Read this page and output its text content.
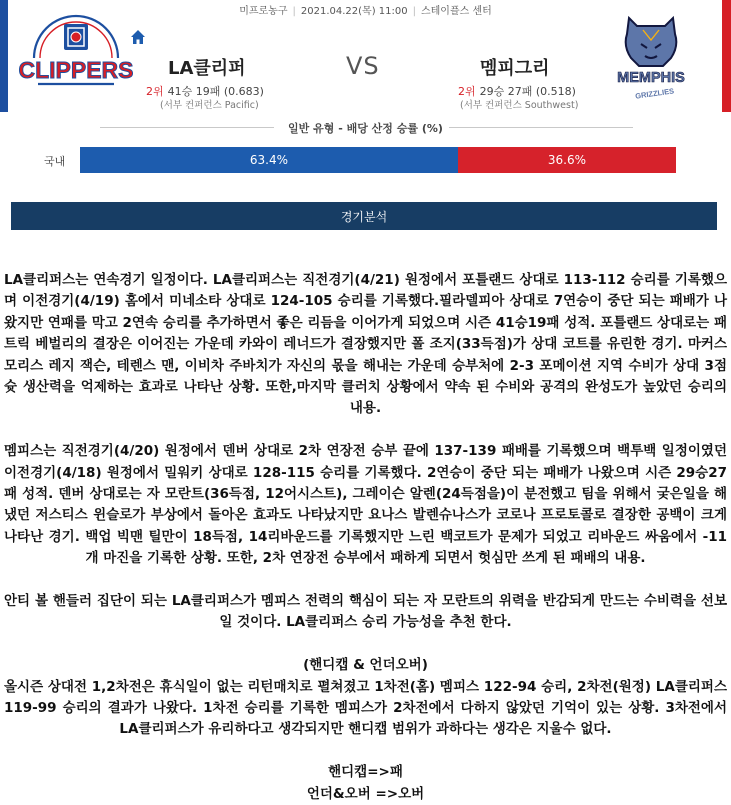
미프로농구 | 2021.04.22(목) 11:00 | 스테이플스 센터
CLIPPERS	MEMPHIS
GRIZZLIES
LA클리퍼	VS	멤피그리
2위 41승 19패 (0.683)	2위 29승 27패 (0.518)
(서부 컨퍼런스 Pacific)	(서부 컨퍼런스 Southwest)
일반 유형 - 배당 산정 승률 (%)
국내	63.4%	36.6%
경기분석

LA클리퍼스는 연속경기 일정이다. LA클리퍼스는 직전경기(4/21) 원정에서 포틀랜드 상대로 113-112 승리를 기록했으며 이전경기(4/19) 홈에서 미네소타 상대로 124-105 승리를 기록했다.필라델피아 상대로 7연승이 중단 되는 패배가 나왔지만 연패를 막고 2연속 승리를 추가하면서 좋은 리듬을 이어가게 되었으며 시즌 41승19패 성적. 포틀랜드 상대로는 패트릭 베벌리의 결장은 이어진는 가운데 카와이 레너드가 결장했지만 폴 조지(33득점)가 상대 코트를 유린한 경기. 마커스 모리스 레지 잭슨, 테렌스 맨, 이비차 주바치가 자신의 몫을 해내는 가운데 승부처에 2-3 포메이션 지역 수비가 상대 3점슛 생산력을 억제하는 효과로 나타난 상황. 또한,마지막 클러치 상황에서 약속 된 수비와 공격의 완성도가 높았던 승리의 내용.

멤피스는 직전경기(4/20) 원정에서 덴버 상대로 2차 연장전 승부 끝에 137-139 패배를 기록했으며 백투백 일정이였던 이전경기(4/18) 원정에서 밀워키 상대로 128-115 승리를 기록했다. 2연승이 중단 되는 패배가 나왔으며 시즌 29승27패 성적. 덴버 상대로는 자 모란트(36득점, 12어시스트), 그레이슨 알렌(24득점을)이 분전했고 팀을 위해서 궂은일을 해냈던 저스티스 윈슬로가 부상에서 돌아온 효과도 나타났지만 요나스 발렌슈나스가 코로나 프로토콜로 결장한 공백이 크게 나타난 경기. 백업 빅맨 틸만이 18득점, 14리바운드를 기록했지만 느린 백코트가 문제가 되었고 리바운드 싸움에서 -11개 마진을 기록한 상황. 또한, 2차 연장전 승부에서 패하게 되면서 헛심만 쓰게 된 패배의 내용.

안티 볼 핸들러 집단이 되는 LA클리퍼스가 멤피스 전력의 핵심이 되는 자 모란트의 위력을 반감되게 만드는 수비력을 선보일 것이다. LA클리퍼스 승리 가능성을 추천 한다.

(핸디캡 & 언더오버)

올시즌 상대전 1,2차전은 휴식일이 없는 리턴매치로 펼쳐졌고 1차전(홈) 멤피스 122-94 승리, 2차전(원정) LA클리퍼스 119-99 승리의 결과가 나왔다. 1차전 승리를 기록한 멤피스가 2차전에서 다하지 않았던 기억이 있는 상황. 3차전에서 LA클리퍼스가 유리하다고 생각되지만 핸디캡 범위가 과하다는 생각은 지울수 없다.

핸디캡=>패

언더&오버 =>오버
